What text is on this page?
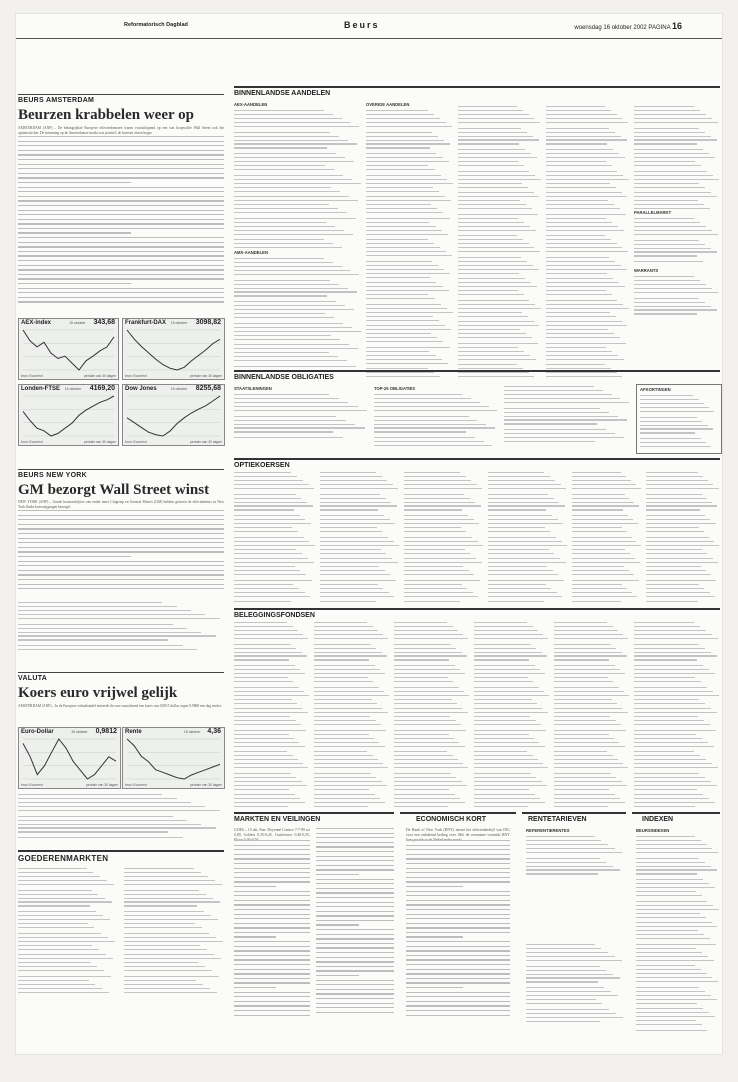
Reformatorisch Dagblad	Beurs	woensdag 16 oktober 2002 PAGINA 16
BEURS AMSTERDAM
Beurzen krabbelen weer op
AMSTERDAM (ANP) – De belangrijkste Europese effectenbeurzen waren vooruitlopend op een wat hoopvoller Wall Street ook het optimistischer. De stemming op de Amsterdamse markt was positief, de koersen sloten hoger.
AEX-index	15 oktober 343,68
bron: Euronext	periode van 30 dagen
Frankfurt-DAX 15 oktober 3098,82
bron: Euronext	periode van 30 dagen
Londen-FTSE 15 oktober 4169,20
bron: Euronext	periode van 30 dagen
Dow Jones	15 oktober 8255,68
bron: Euronext	periode van 30 dagen
BEURS NEW YORK
GM bezorgt Wall Street winst
NEW YORK (ANP) – Goede kwartaalcijfers van onder meer Citigroup en General Motors (GM) hebben gisteren de effectenbeurs in New York flinke koersstijgingen bezorgd.
VALUTA
Koers euro vrijwel gelijk
AMSTERDAM (ANP) – In de Europese valutahandel noteerde de euro vanochtend een koers van 0,9815 dollar, tegen 0,9808 een dag eerder.
Euro-Dollar	15 oktober 0,9812
bron: Euronext	periode van 30 dagen
Rente	15 oktober 4,36
bron: Euronext	periode van 30 dagen
GOEDERENMARKTEN
BINNENLANDSE AANDELEN
AEX-AANDELEN
AMX-AANDELEN
OVERIGE AANDELEN
PARALLELMARKT
WARRANTS
BINNENLANDSE OBLIGATIES
STAATSLENINGEN	TOP-25 OBLIGATIES	AFKORTINGEN
OPTIEKOERSEN
BELEGGINGSFONDSEN
MARKTEN EN VEILINGEN
GOES – 15 okt. Een: Doyenné Comice 7-7-90 tot 0,80, Golden 0,35-0,45, Conference 0,40-0,55,
ECONOMISCH KORT
De Bank of New York (BNY) neemt het effectenbedrijf van ING voor een onbekend bedrag over. Met de overname versterkt BNY
RENTETARIEVEN
REFERENTIERENTES
INDEXEN
BEURSINDEXEN
